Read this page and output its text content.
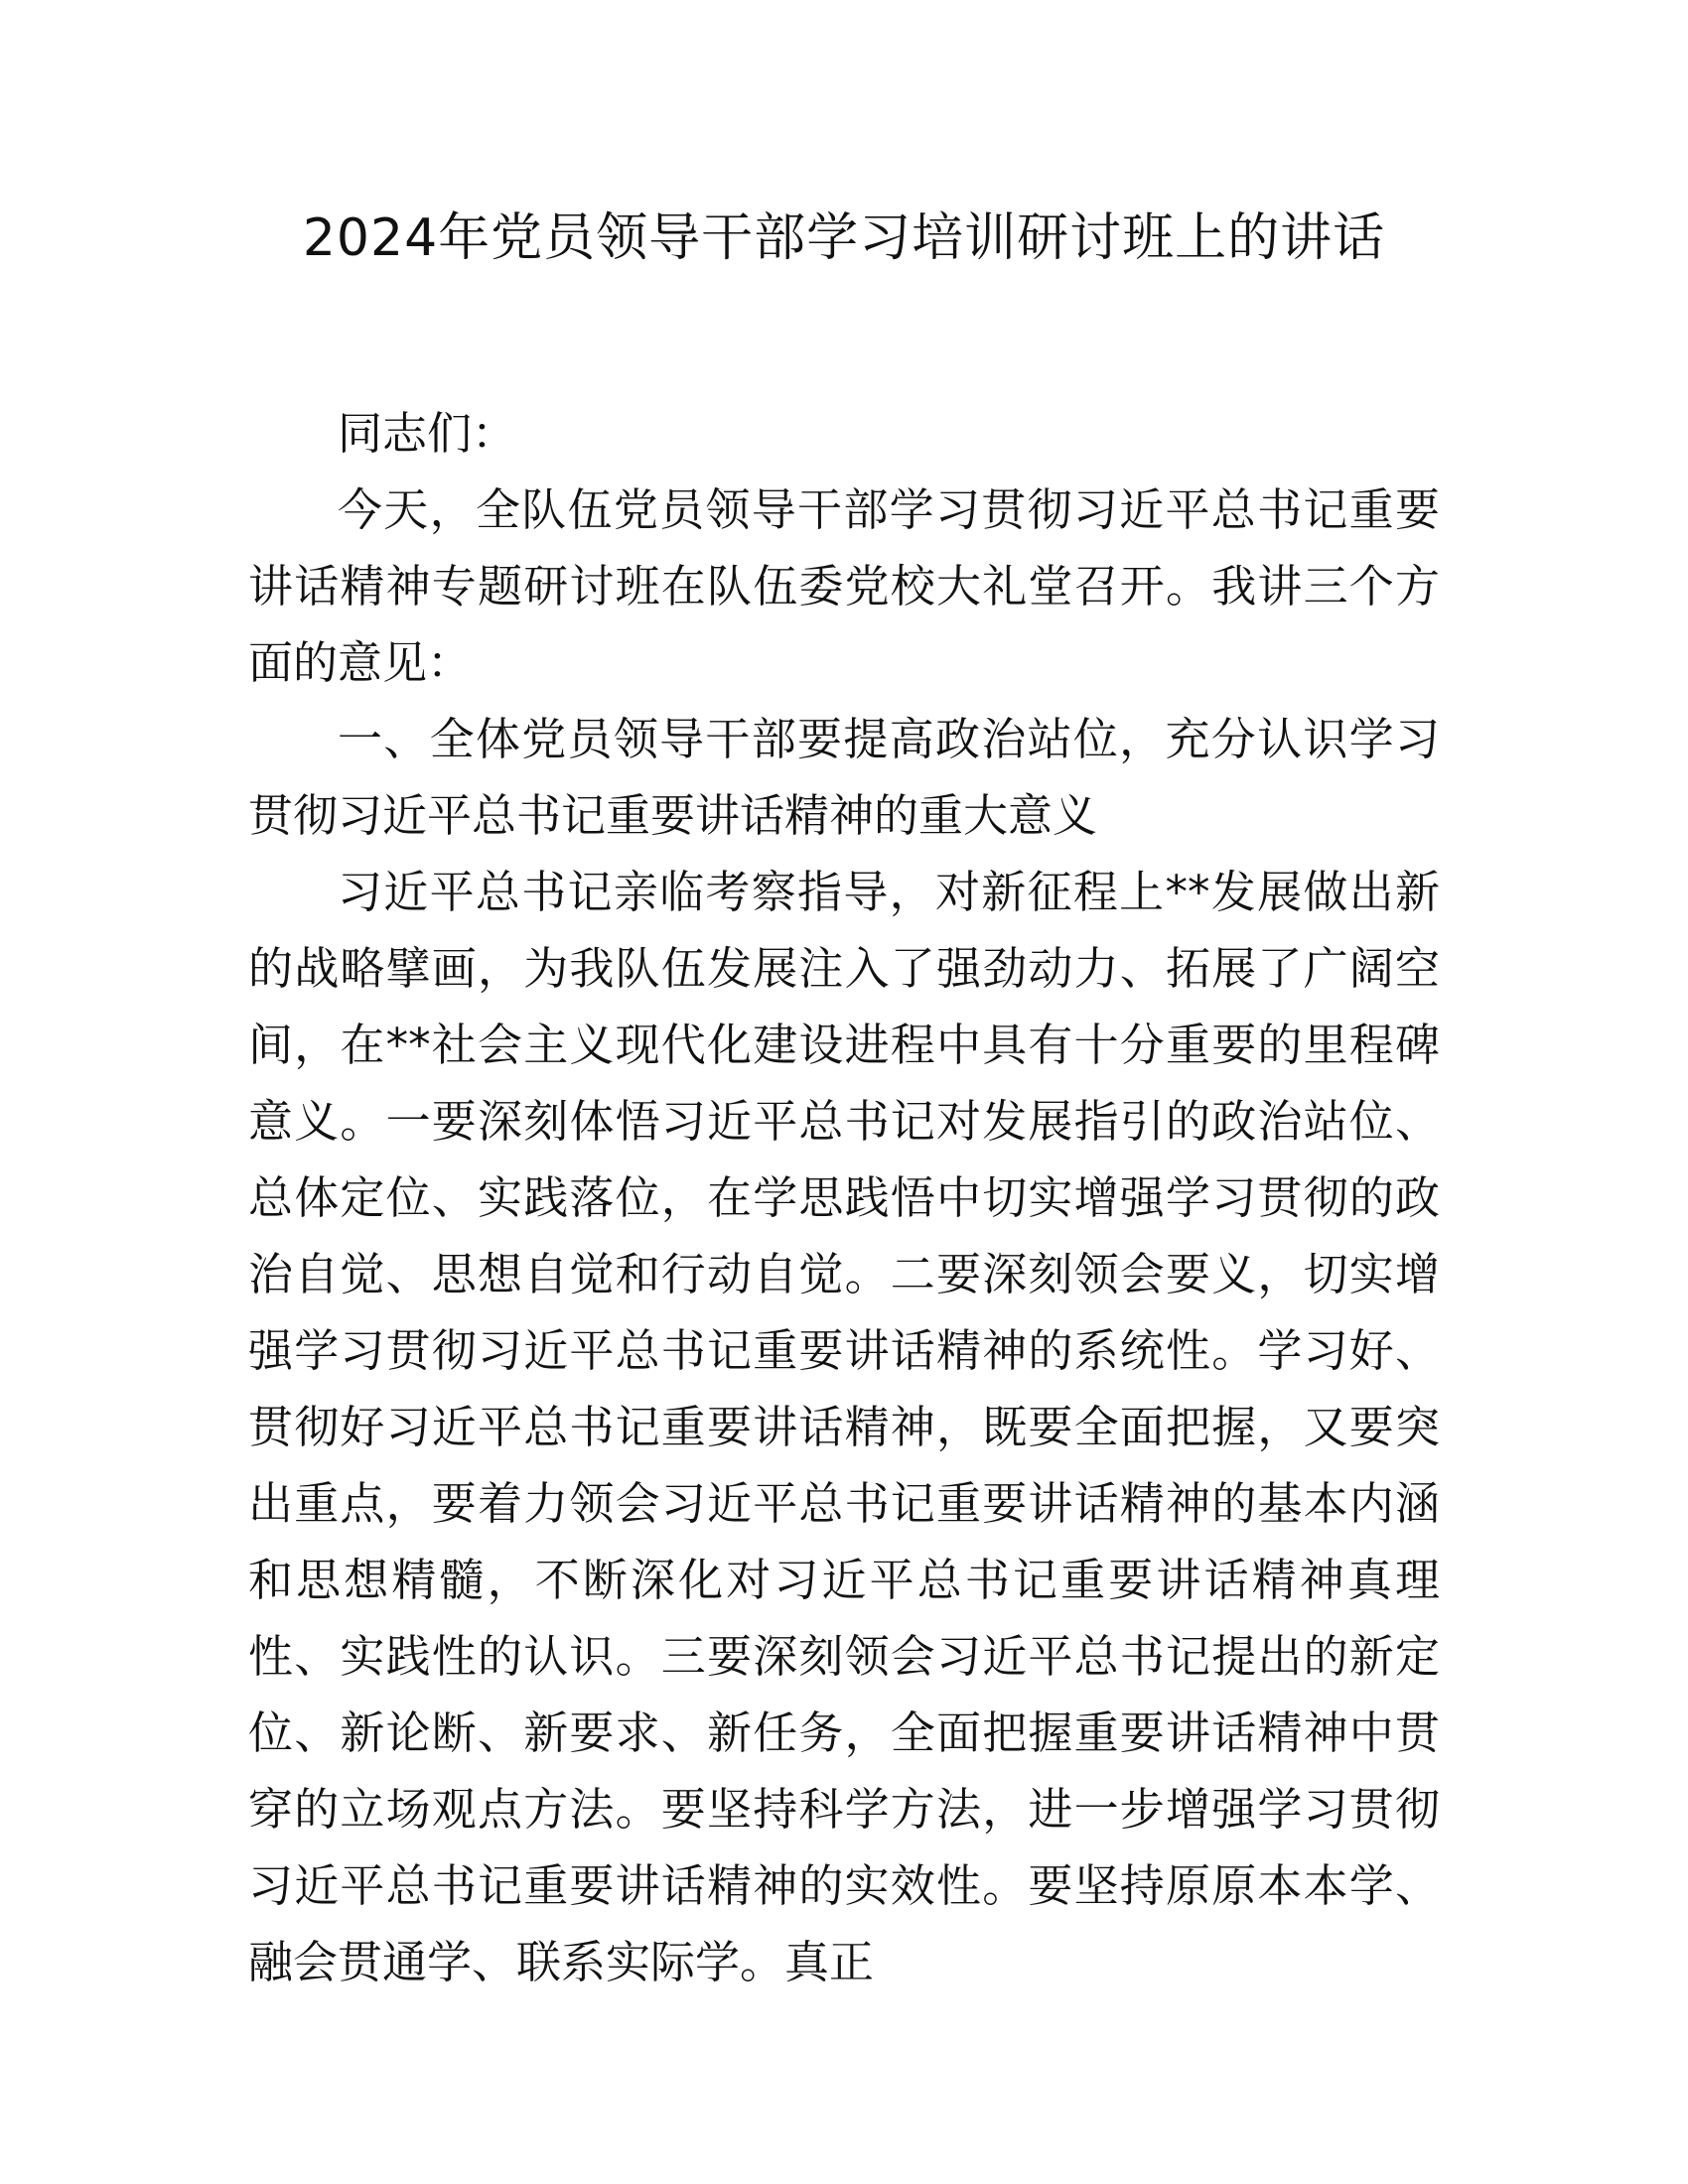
2024年党员领导干部学习培训研讨班上的讲话

同志们：

今天，全队伍党员领导干部学习贯彻习近平总书记重要讲话精神专题研讨班在队伍委党校大礼堂召开。我讲三个方面的意见：

一、全体党员领导干部要提高政治站位，充分认识学习贯彻习近平总书记重要讲话精神的重大意义

习近平总书记亲临考察指导，对新征程上**发展做出新的战略擘画，为我队伍发展注入了强劲动力、拓展了广阔空间，在**社会主义现代化建设进程中具有十分重要的里程碑意义。一要深刻体悟习近平总书记对发展指引的政治站位、总体定位、实践落位，在学思践悟中切实增强学习贯彻的政治自觉、思想自觉和行动自觉。二要深刻领会要义，切实增强学习贯彻习近平总书记重要讲话精神的系统性。学习好、贯彻好习近平总书记重要讲话精神，既要全面把握，又要突出重点，要着力领会习近平总书记重要讲话精神的基本内涵和思想精髓，不断深化对习近平总书记重要讲话精神真理性、实践性的认识。三要深刻领会习近平总书记提出的新定位、新论断、新要求、新任务，全面把握重要讲话精神中贯穿的立场观点方法。要坚持科学方法，进一步增强学习贯彻习近平总书记重要讲话精神的实效性。要坚持原原本本学、融会贯通学、联系实际学。真正
